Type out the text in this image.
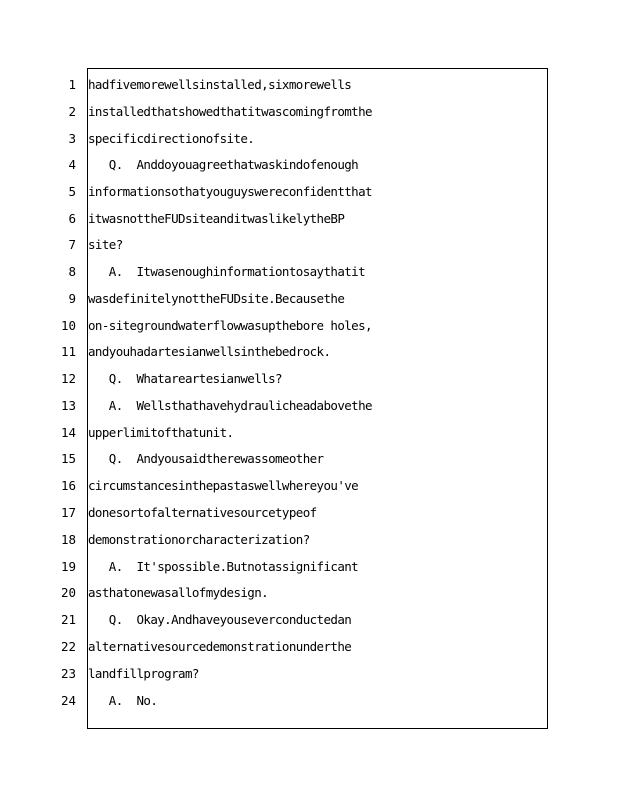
1 hadfivemorewellsinstalled,sixmorewells
2 installedthatshowedthatitwascomingfromthe
3 specificdirectionofsite.
4 Q.  Anddoyouagreethatwaskindofenough
5 informationsothatyouguyswereconfidentthat
6 itwasnottheFUDsiteanditwaslikelytheBP
7 site?
8 A.  Itwasenoughinformationtosaythatit
9 wasdefinitelynottheFUDsite.Becausethe
10 on-sitegroundwaterflowwasupthebore holes,
11 andyouhadartesianwellsinthebedrock.
12 Q.  Whatareartesianwells?
13 A.  Wellsthathavehydraulicheadabovethe
14 upperlimitofthatunit.
15 Q.  Andyousaidtherewassomeother
16 circumstancesinthepastaswellwhereyou've
17 donesortofalternativesourcetypeof
18 demonstrationorcharacterization?
19 A.  It'spossible.Butnotassignificant
20 asthatonewasallofmydesign.
21 Q.  Okay.Andhaveyouseverconductedan
22 alternativesourcedemonstrationunderthe
23 landfillprogram?
24 A.  No.
